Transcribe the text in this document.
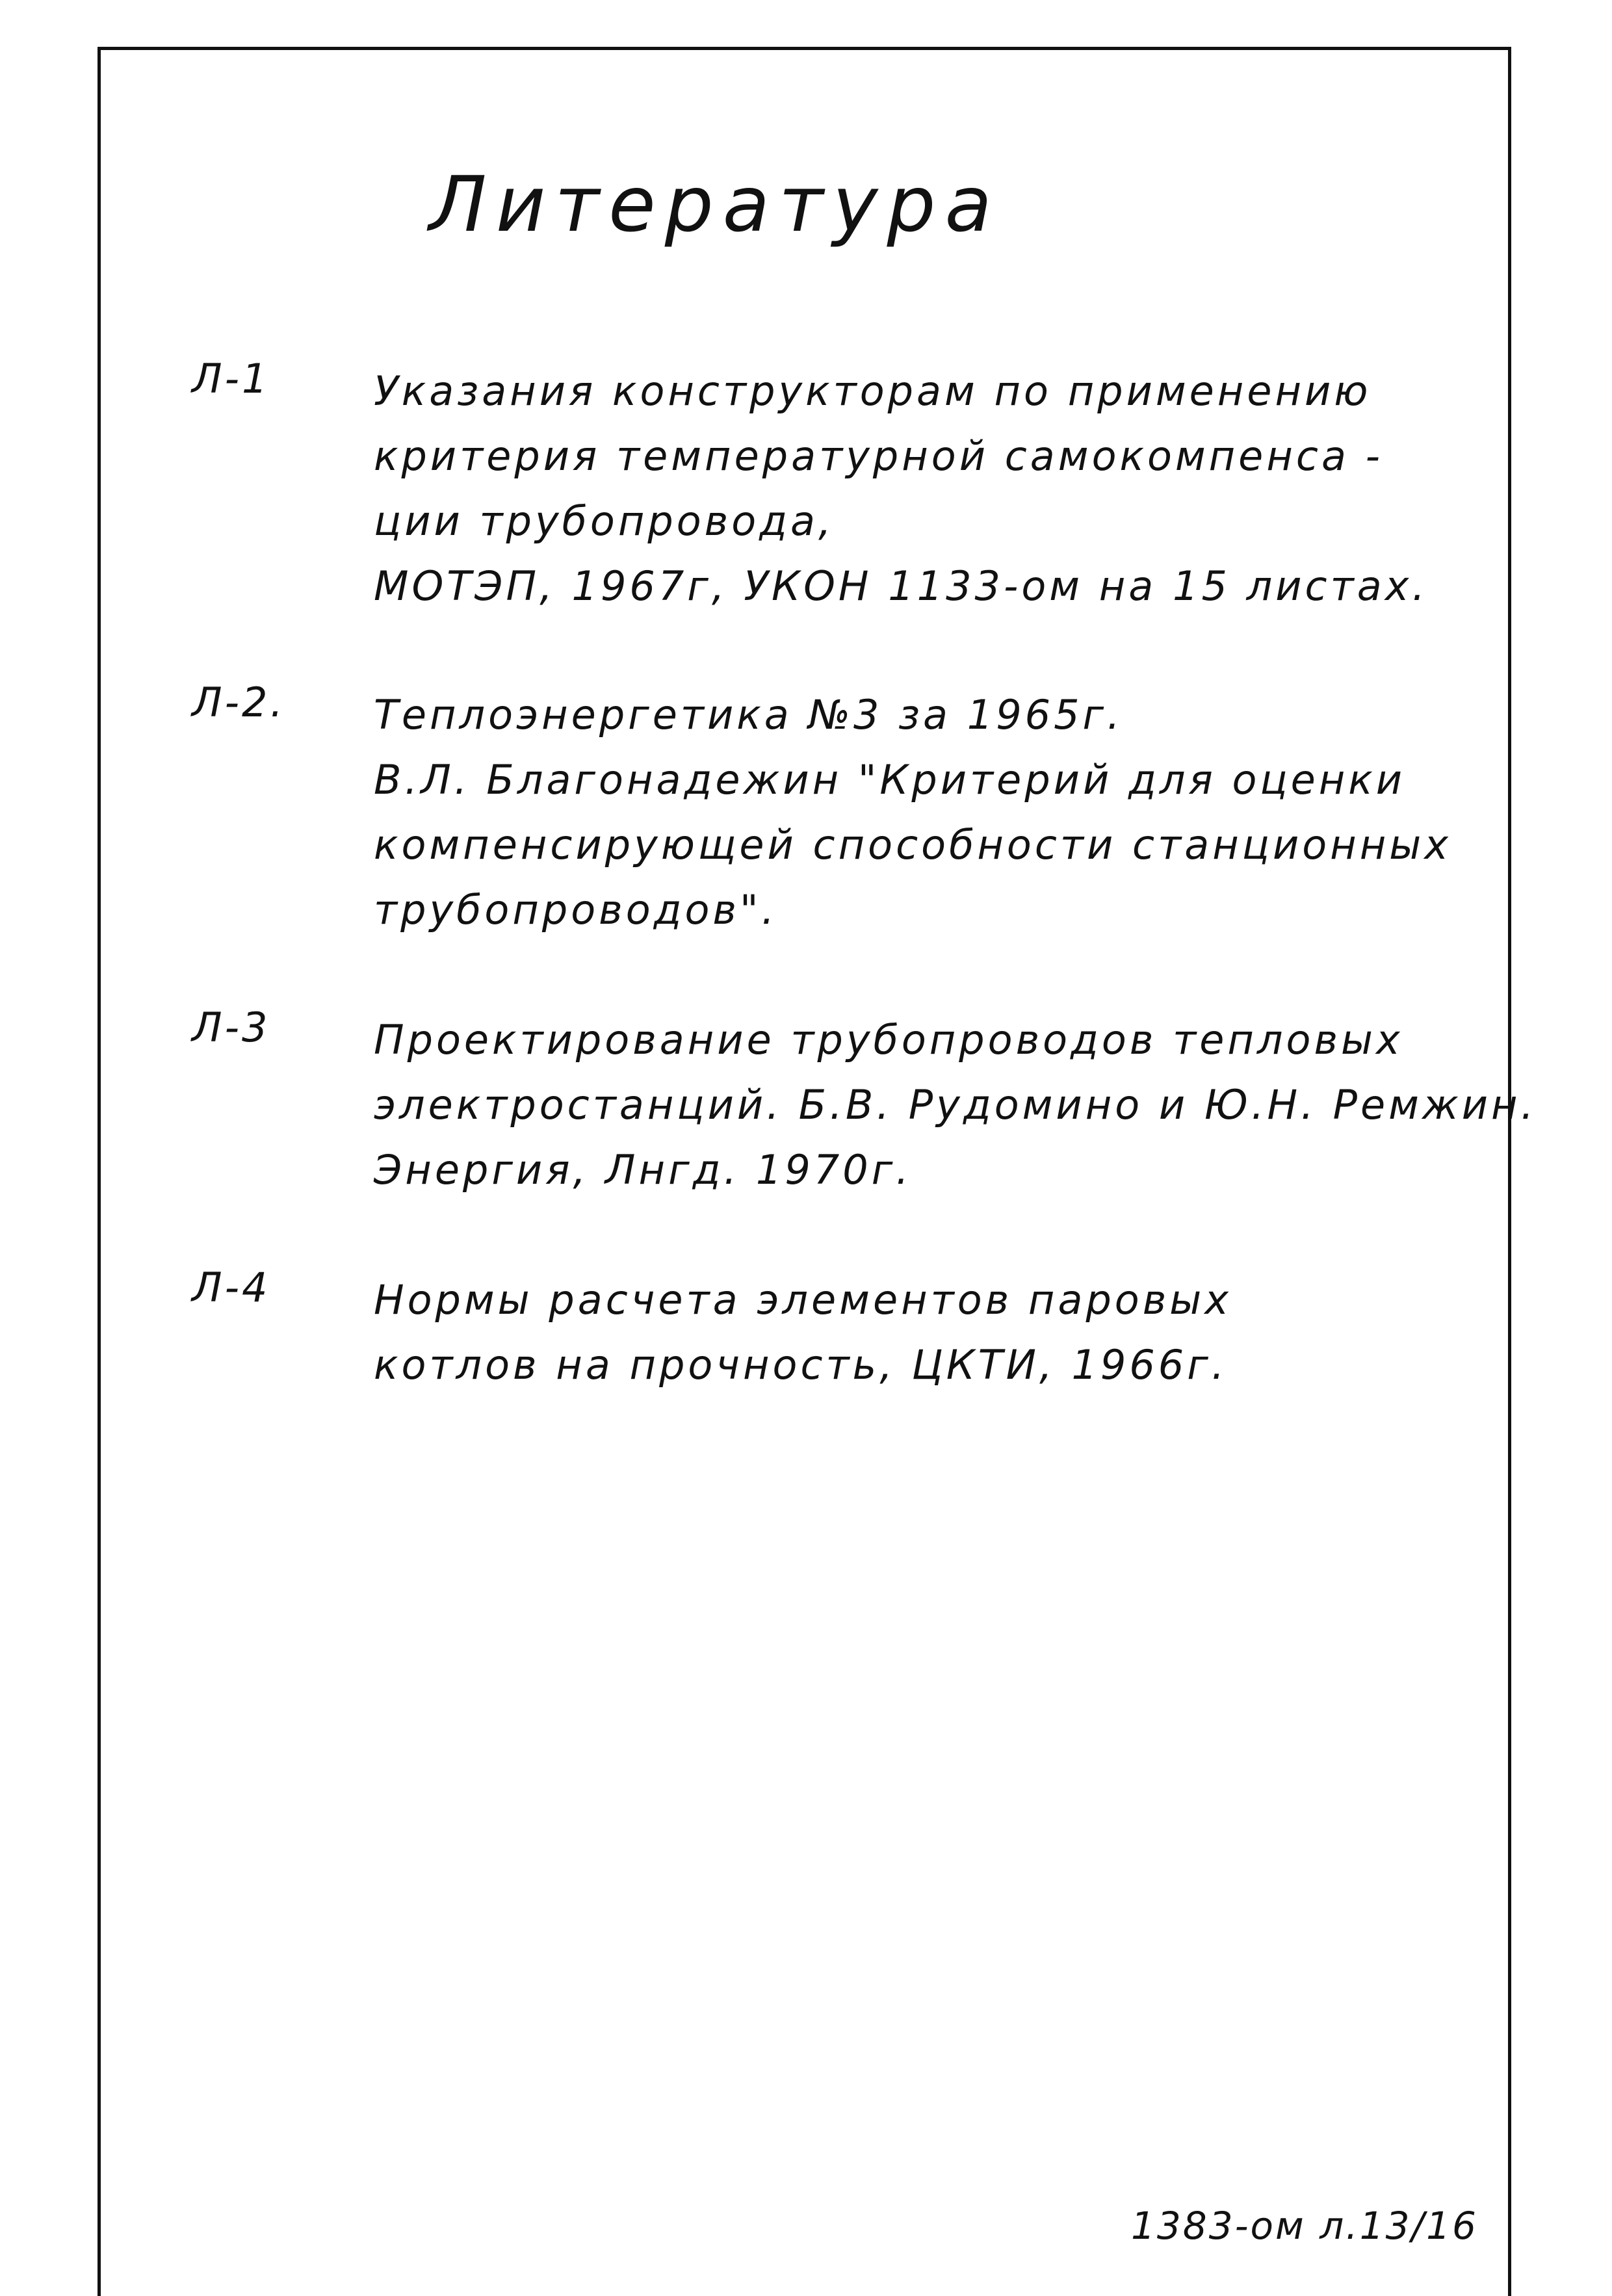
Литература
Л-1	Указания конструкторам по применению
критерия температурной самокомпенса -
ции трубопровода,
МОТЭП, 1967г, УКОН 1133-ом на 15 листах.
Л-2. Теплоэнергетика №3 за 1965г.
В.Л. Благонадежин "Критерий для оценки
компенсирующей способности станционных
трубопроводов".
Л-3	Проектирование трубопроводов тепловых
электростанций. Б.В. Рудомино и Ю.Н. Ремжин.
Энергия, Лнгд. 1970г.
Л-4	Нормы расчета элементов паровых
котлов на прочность, ЦКТИ, 1966г.
1383-ом л.13/16
